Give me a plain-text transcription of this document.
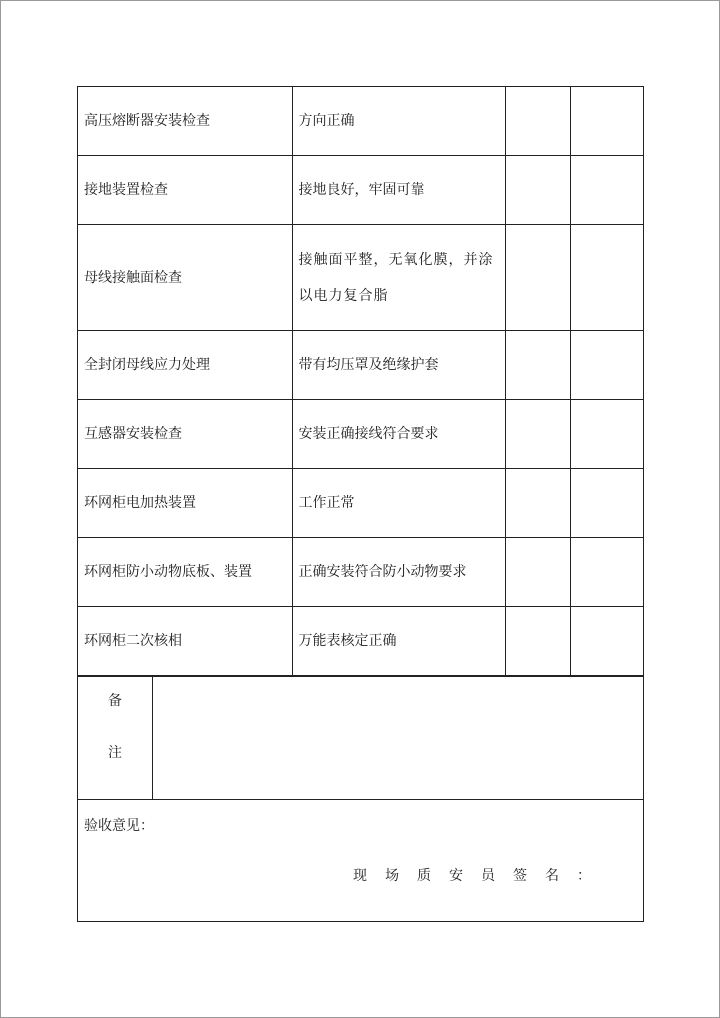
高压熔断器安装检查	方向正确		
接地装置检查	接地良好，牢固可靠		
母线接触面检查	接触面平整，无氧化膜，并涂以电力复合脂		
全封闭母线应力处理	带有均压罩及绝缘护套		
互感器安装检查	安装正确接线符合要求		
环网柜电加热装置	工作正常		
环网柜防小动物底板、装置	正确安装符合防小动物要求		
环网柜二次核相	万能表核定正确		
备
注

验收意见：
现场质安员签名：
